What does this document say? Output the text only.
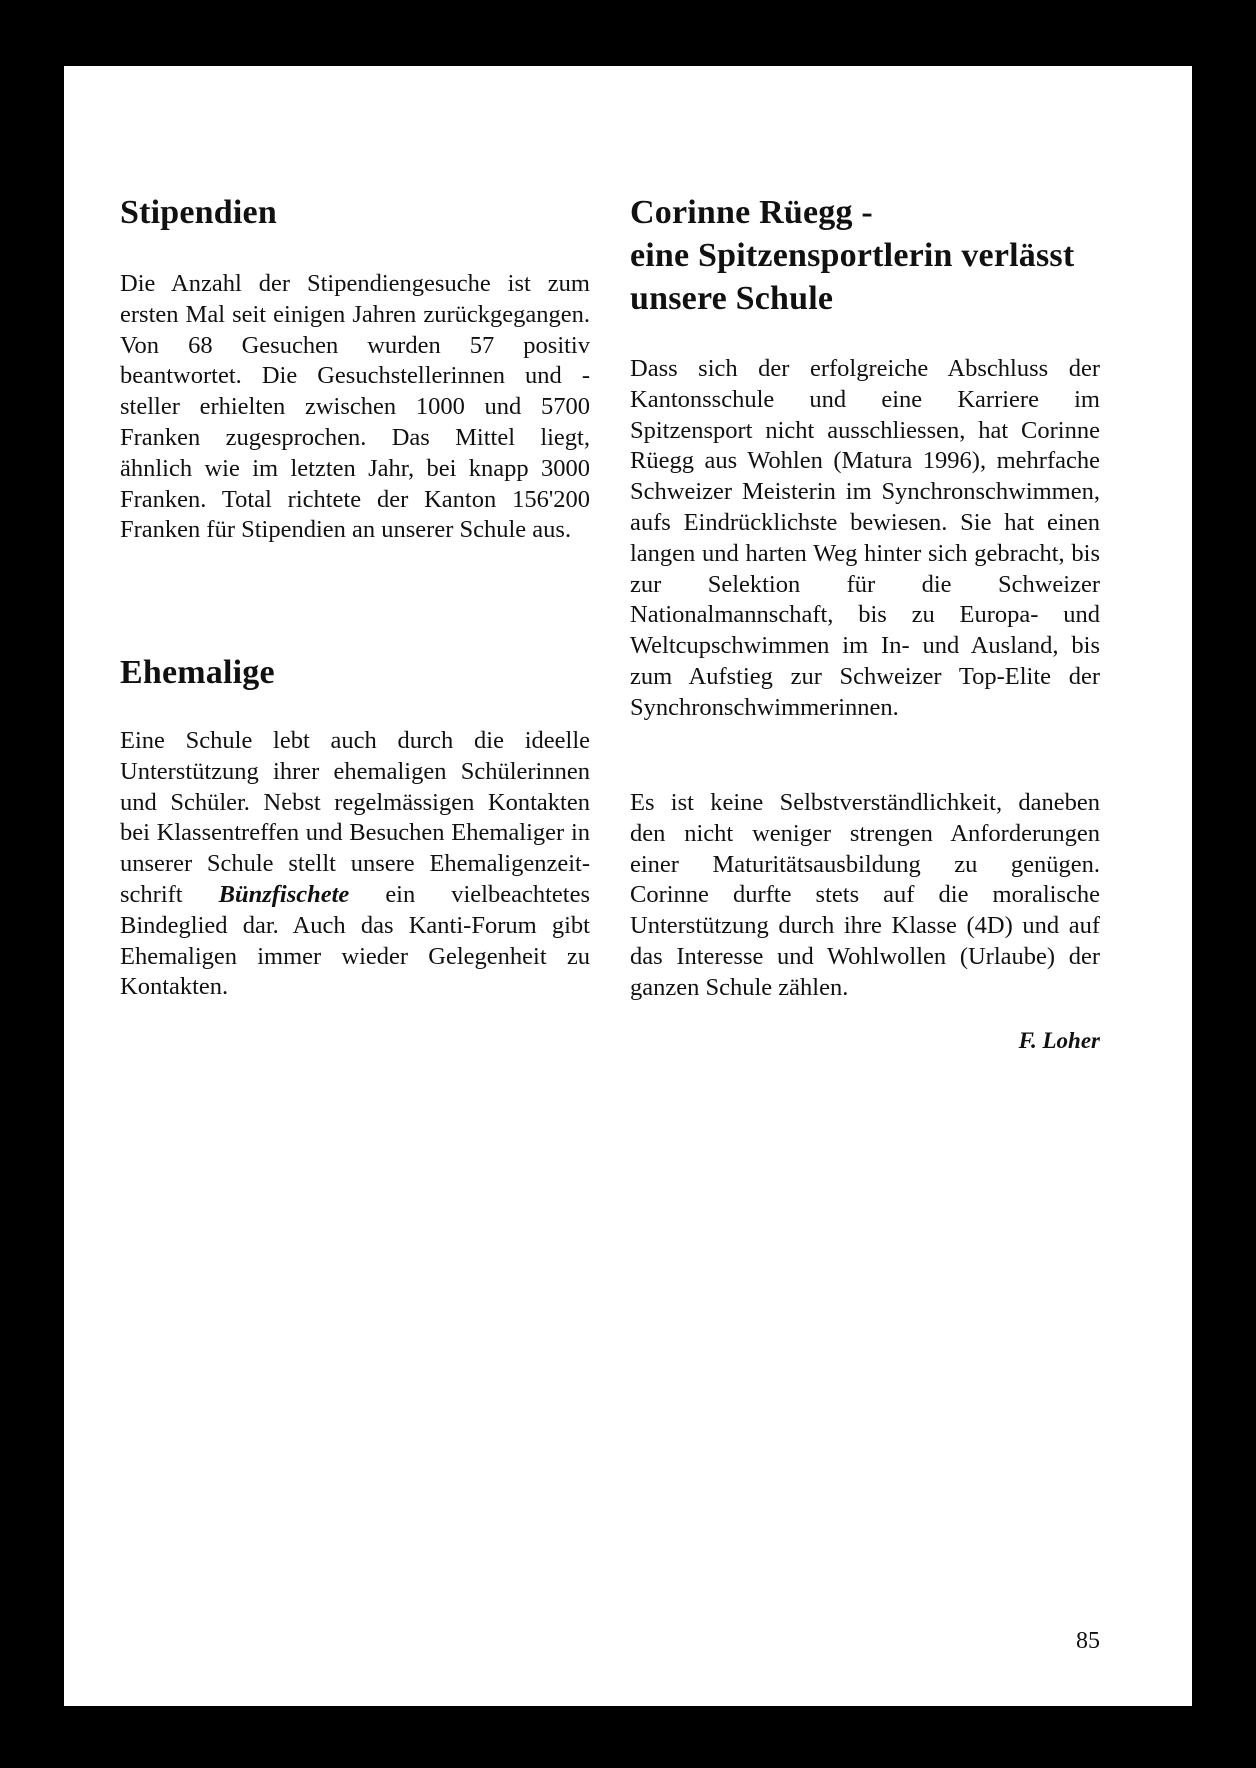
Stipendien

Die Anzahl der Stipendiengesuche ist zum ersten Mal seit einigen Jahren zurückgegangen. Von 68 Gesuchen wurden 57 positiv beantwortet. Die Gesuchstellerinnen und -steller erhielten zwischen 1000 und 5700 Franken zugesprochen. Das Mittel liegt, ähnlich wie im letzten Jahr, bei knapp 3000 Franken. Total richtete der Kanton 156'200 Franken für Stipendien an unserer Schule aus.

Ehemalige

Eine Schule lebt auch durch die ideelle Unterstützung ihrer ehemaligen Schülerinnen und Schüler. Nebst regelmässigen Kontakten bei Klassentreffen und Besuchen Ehemaliger in unserer Schule stellt unsere Ehemaligenzeitschrift Bünzfischete ein vielbeachtetes Bindeglied dar. Auch das Kanti-Forum gibt Ehemaligen immer wieder Gelegenheit zu Kontakten.

Corinne Rüegg -
eine Spitzensportlerin verlässt unsere Schule

Dass sich der erfolgreiche Abschluss der Kantonsschule und eine Karriere im Spitzensport nicht ausschliessen, hat Corinne Rüegg aus Wohlen (Matura 1996), mehrfache Schweizer Meisterin im Synchronschwimmen, aufs Eindrücklichste bewiesen. Sie hat einen langen und harten Weg hinter sich gebracht, bis zur Selektion für die Schweizer Nationalmannschaft, bis zu Europa- und Weltcupschwimmen im In- und Ausland, bis zum Aufstieg zur Schweizer Top-Elite der Synchronschwimmerinnen.

Es ist keine Selbstverständlichkeit, daneben den nicht weniger strengen Anforderungen einer Maturitätsausbildung zu genügen. Corinne durfte stets auf die moralische Unterstützung durch ihre Klasse (4D) und auf das Interesse und Wohlwollen (Urlaube) der ganzen Schule zählen.

F. Loher
85
